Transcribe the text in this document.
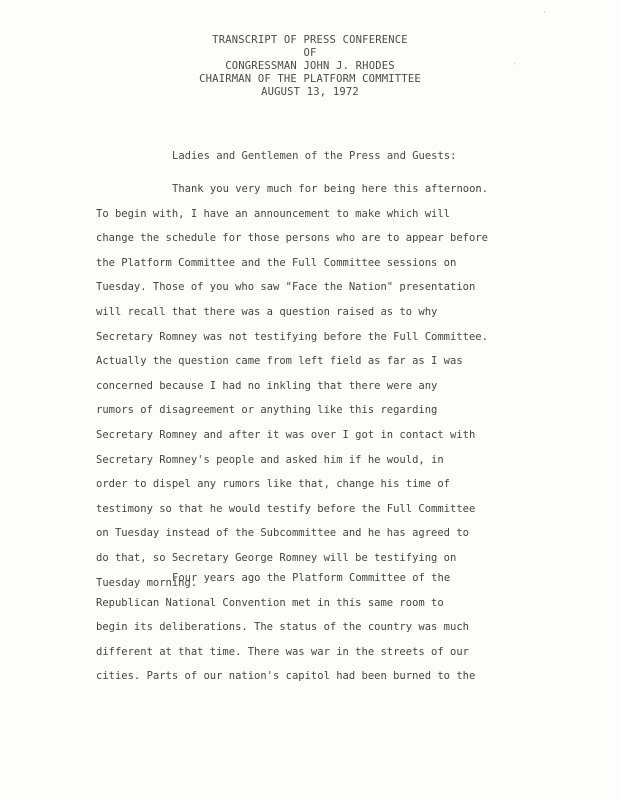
·
·
TRANSCRIPT OF PRESS CONFERENCE
OF
CONGRESSMAN JOHN J. RHODES
CHAIRMAN OF THE PLATFORM COMMITTEE
AUGUST 13, 1972
Ladies and Gentlemen of the Press and Guests:
Thank you very much for being here this afternoon.
To begin with, I have an announcement to make which will
change the schedule for those persons who are to appear before
the Platform Committee and the Full Committee sessions on
Tuesday. Those of you who saw "Face the Nation" presentation
will recall that there was a question raised as to why
Secretary Romney was not testifying before the Full Committee.
Actually the question came from left field as far as I was
concerned because I had no inkling that there were any
rumors of disagreement or anything like this regarding
Secretary Romney and after it was over I got in contact with
Secretary Romney's people and asked him if he would, in
order to dispel any rumors like that, change his time of
testimony so that he would testify before the Full Committee
on Tuesday instead of the Subcommittee and he has agreed to
do that, so Secretary George Romney will be testifying on
Tuesday morning.
Four years ago the Platform Committee of the
Republican National Convention met in this same room to
begin its deliberations. The status of the country was much
different at that time. There was war in the streets of our
cities. Parts of our nation's capitol had been burned to the
